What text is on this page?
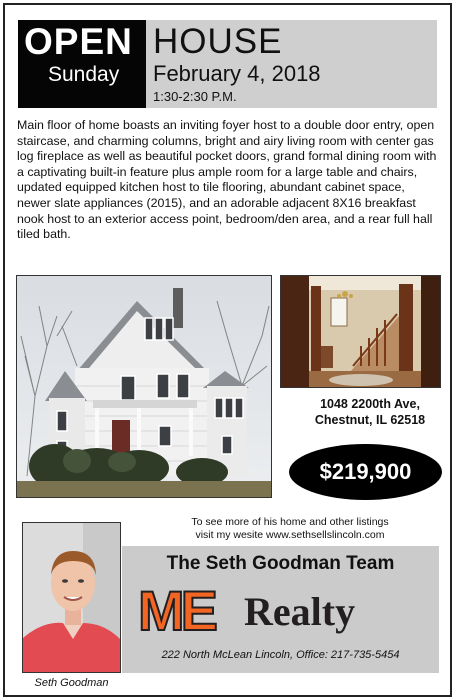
OPEN
Sunday
HOUSE
February 4, 2018
1:30-2:30 P.M.
Main floor of home boasts an inviting foyer host to a double door entry, open staircase, and charming columns, bright and airy living room with center gas log fireplace as well as beautiful pocket doors, grand formal dining room with a captivating built-in feature plus ample room for a large table and chairs, updated equipped kitchen host to tile flooring, abundant cabinet space, newer slate appliances (2015), and an adorable adjacent 8X16 breakfast nook host to an exterior access point, bedroom/den area, and a rear full hall tiled bath.
1048 2200th Ave,
Chestnut, IL 62518
$219,900
To see more of his home and other listings
visit my wesite www.sethsellslincoln.com
The Seth Goodman Team
ME Realty
222 North McLean Lincoln, Office: 217-735-5454
Seth Goodman
